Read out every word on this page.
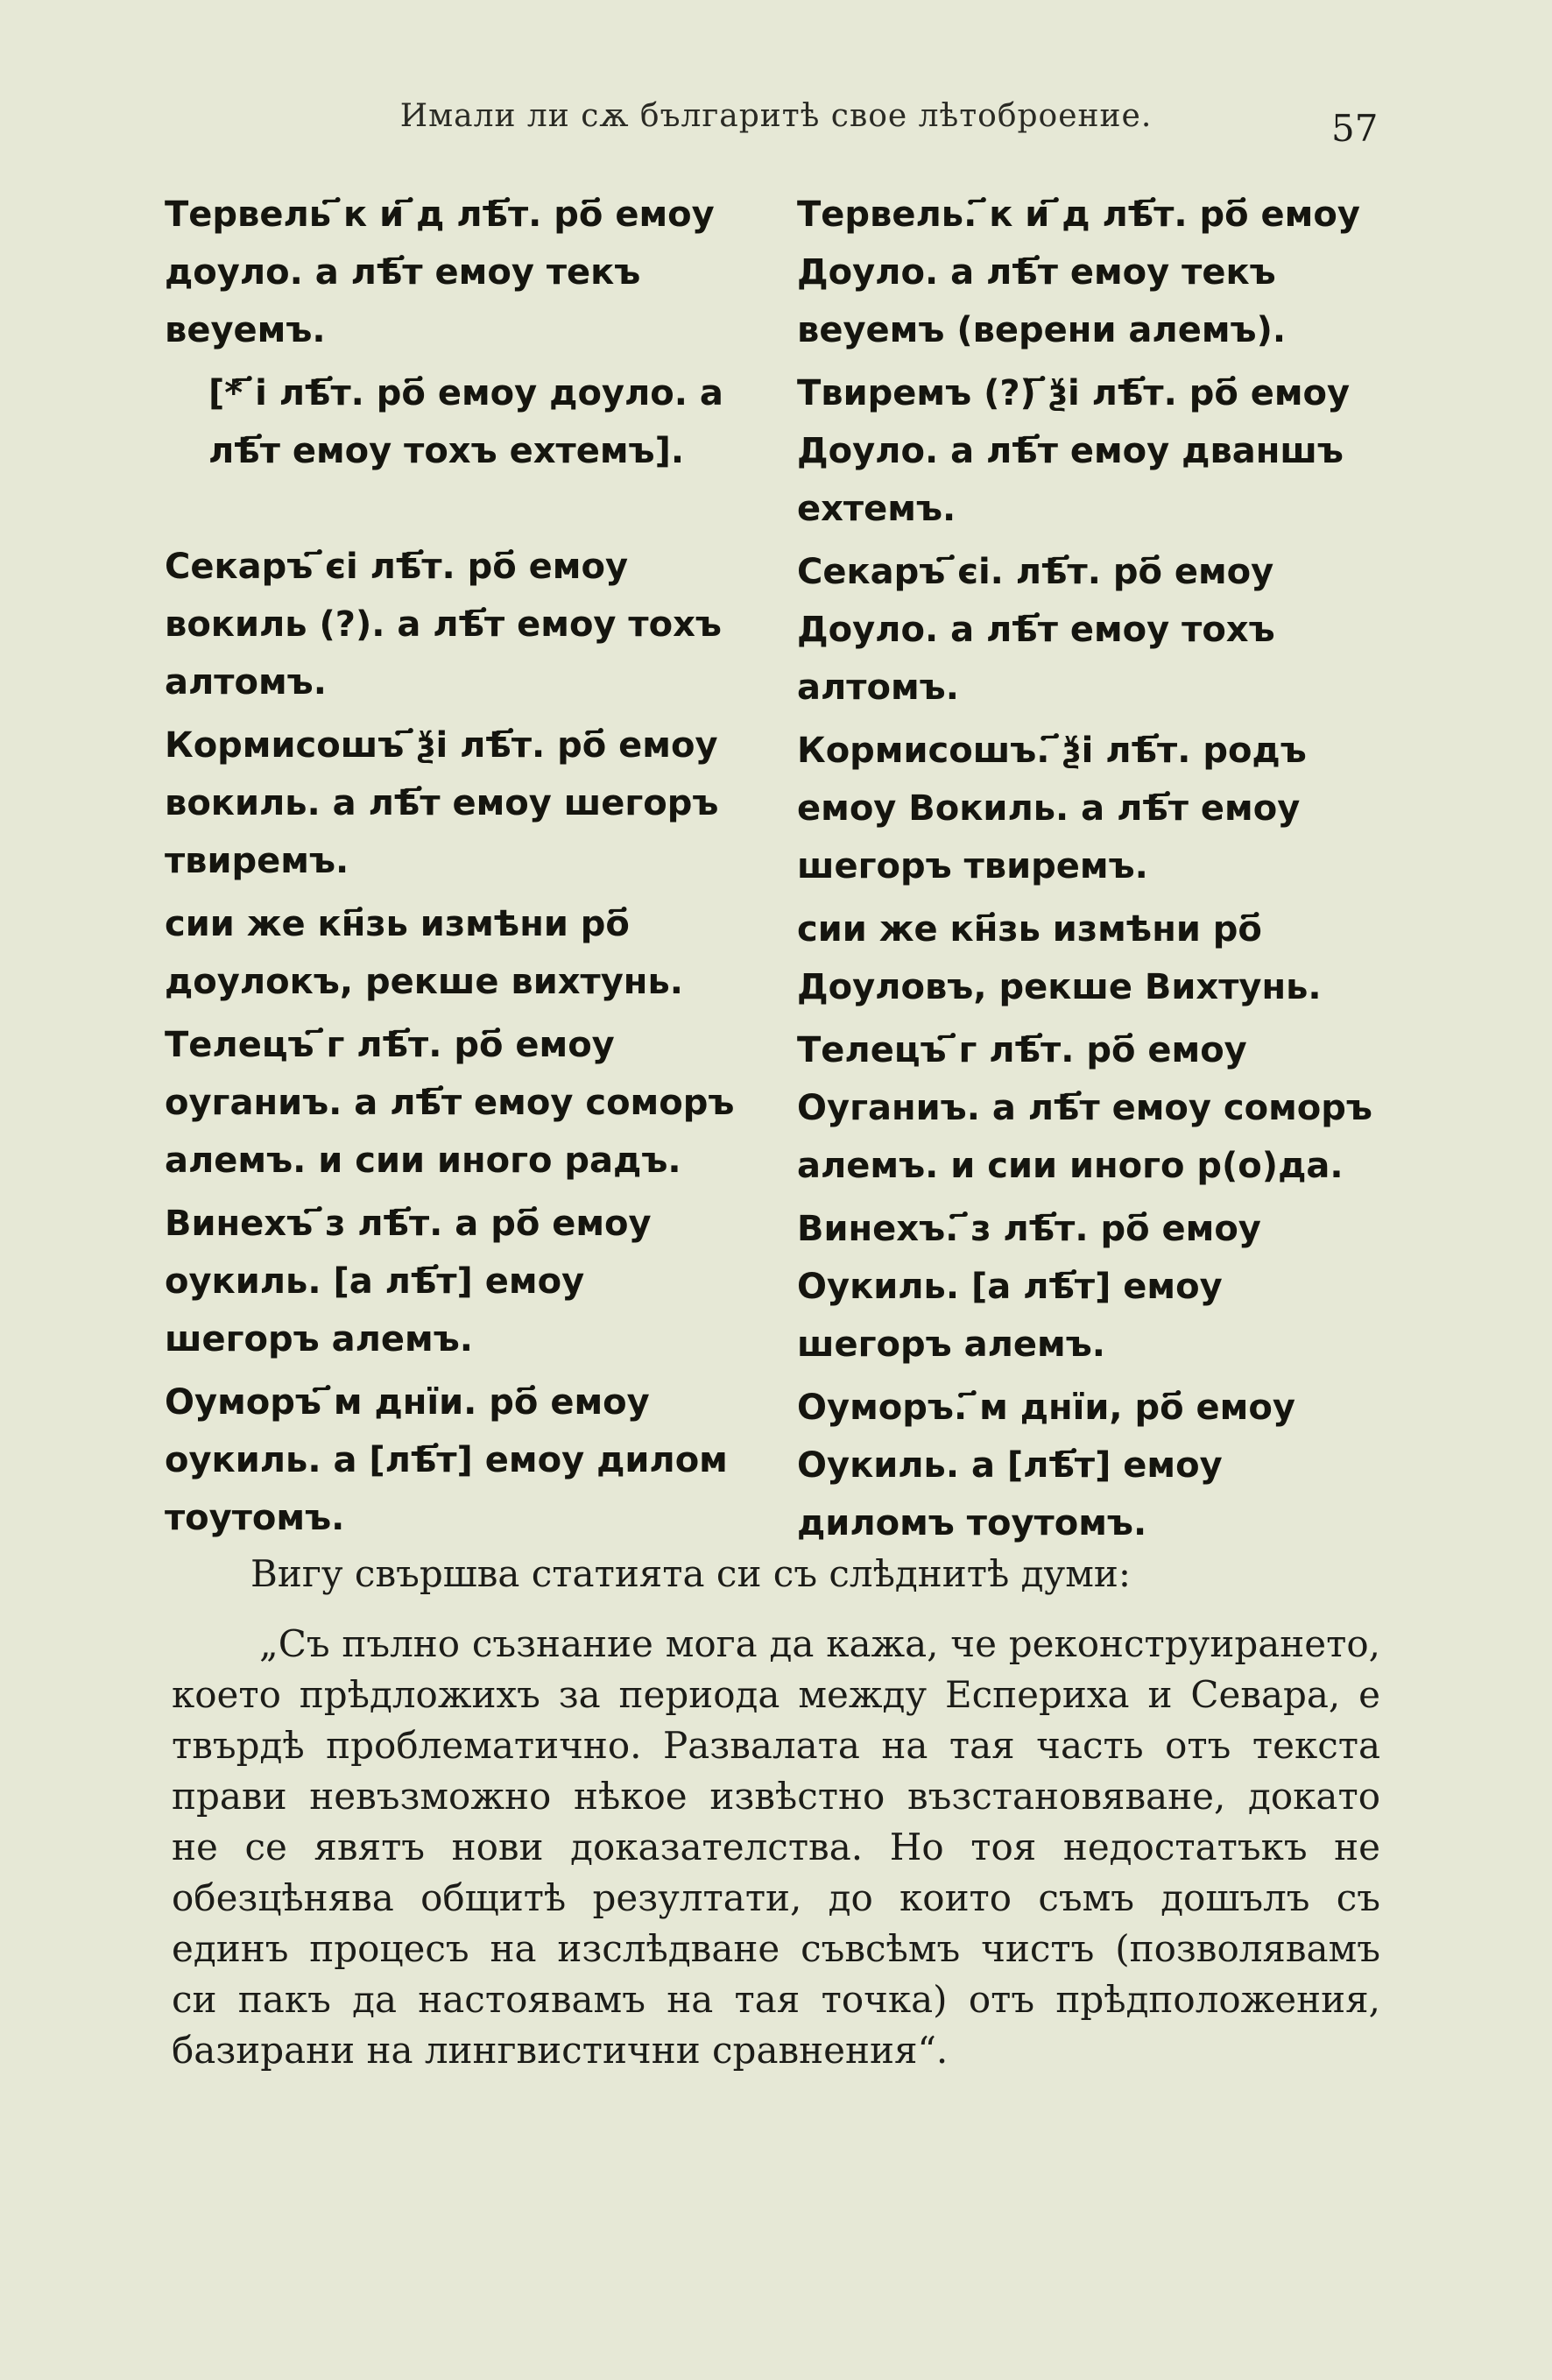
Имали ли сѫ българитѣ свое лѣтоброение.	57
Тервель ҃к и ҃д лѣ҃т. ро҃ емоу доуло. а лѣ҃т емоу текъ веуемъ.
[* ҃і лѣ҃т. ро҃ емоу доуло. а лѣ҃т емоу тохъ ехтемъ].
Секаръ ҃єі лѣ҃т. ро҃ емоу вокиль (?). а лѣ҃т емоу тохъ алтомъ.
Кормисошъ ҃ѯі лѣ҃т. ро҃ емоу вокиль. а лѣ҃т емоу шегоръ твиремъ.
сии же кн҃зь измѣни ро҃ доулокъ, рекше вихтунь.
Телецъ ҃г лѣ҃т. ро҃ емоу оуганиъ. а лѣ҃т емоу соморъ алемъ. и сии иного радъ.
Винехъ ҃з лѣ҃т. а ро҃ емоу оукиль. [а лѣ҃т] емоу шегоръ алемъ.
Оуморъ ҃м днїи. ро҃ емоу оукиль. а [лѣ҃т] емоу дилом тоутомъ.
Тервель. ҃к и ҃д лѣ҃т. ро҃ емоу Доуло. а лѣ҃т емоу текъ веуемъ (верени алемъ).
Твиремъ (?) ҃ѯі лѣ҃т. ро҃ емоу Доуло. а лѣ҃т емоу дваншъ ехтемъ.
Секаръ ҃єі. лѣ҃т. ро҃ емоу Доуло. а лѣ҃т емоу тохъ алтомъ.
Кормисошъ. ҃ѯі лѣ҃т. родъ емоу Вокиль. а лѣ҃т емоу шегоръ твиремъ.
сии же кн҃зь измѣни ро҃ Доуловъ, рекше Вихтунь.
Телецъ ҃г лѣ҃т. ро҃ емоу Оуганиъ. а лѣ҃т емоу соморъ алемъ. и сии иного р(о)да.
Винехъ. ҃з лѣ҃т. ро҃ емоу Оукиль. [а лѣ҃т] емоу шегоръ алемъ.
Оуморъ. ҃м днїи, ро҃ емоу Оукиль. а [лѣ҃т] емоу диломъ тоутомъ.
Вигу свършва статията си съ слѣднитѣ думи:
„Съ пълно съзнание мога да кажа, че реконструирането, което прѣдложихъ за периода между Еспериха и Севара, е твърдѣ проблематично. Развалата на тая часть отъ текста прави невъзможно нѣкое извѣстно възстановяване, докато не се явятъ нови доказателства. Но тоя недостатъкъ не обезцѣнява общитѣ резултати, до които съмъ дошълъ съ единъ процесъ на изслѣдване съвсѣмъ чистъ (позволявамъ си пакъ да настоявамъ на тая точка) отъ прѣдположения, базирани на лингвистични сравнения“.
